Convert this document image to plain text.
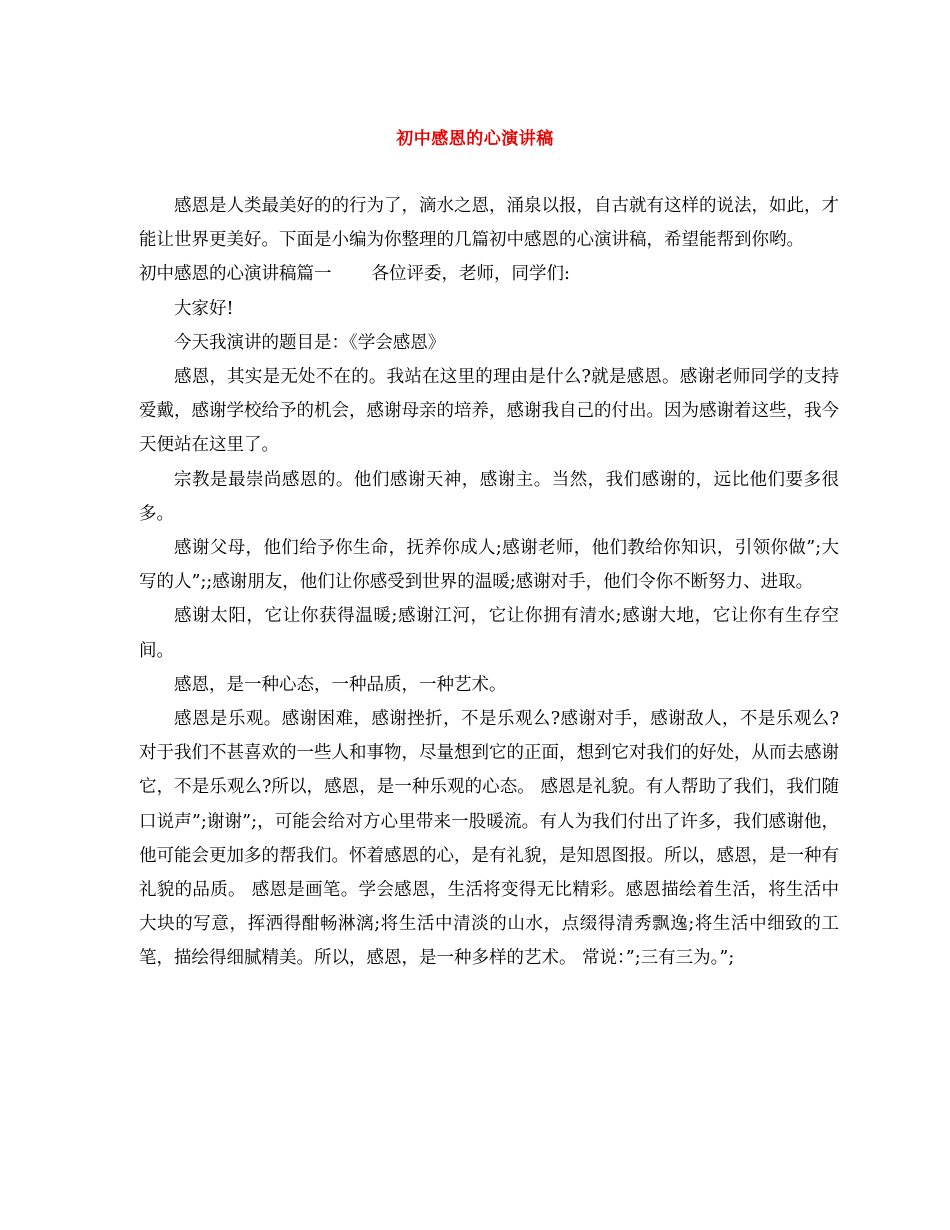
初中感恩的心演讲稿

感恩是人类最美好的的行为了，滴水之恩，涌泉以报，自古就有这样的说法，如此，才能让世界更美好。下面是小编为你整理的几篇初中感恩的心演讲稿，希望能帮到你哟。

初中感恩的心演讲稿篇一 各位评委，老师，同学们:

大家好!

今天我演讲的题目是：《学会感恩》

感恩，其实是无处不在的。我站在这里的理由是什么?就是感恩。感谢老师同学的支持爱戴，感谢学校给予的机会，感谢母亲的培养，感谢我自己的付出。因为感谢着这些，我今天便站在这里了。

宗教是最崇尚感恩的。他们感谢天神，感谢主。当然，我们感谢的，远比他们要多很多。

感谢父母，他们给予你生命，抚养你成人;感谢老师，他们教给你知识，引领你做”;大写的人”;;感谢朋友，他们让你感受到世界的温暖;感谢对手，他们令你不断努力、进取。

感谢太阳，它让你获得温暖;感谢江河，它让你拥有清水;感谢大地，它让你有生存空间。

感恩，是一种心态，一种品质，一种艺术。

感恩是乐观。感谢困难，感谢挫折，不是乐观么?感谢对手，感谢敌人，不是乐观么?对于我们不甚喜欢的一些人和事物，尽量想到它的正面，想到它对我们的好处，从而去感谢它，不是乐观么?所以，感恩，是一种乐观的心态。 感恩是礼貌。有人帮助了我们，我们随口说声”;谢谢”;，可能会给对方心里带来一股暖流。有人为我们付出了许多，我们感谢他，他可能会更加多的帮我们。怀着感恩的心，是有礼貌，是知恩图报。所以，感恩，是一种有礼貌的品质。 感恩是画笔。学会感恩，生活将变得无比精彩。感恩描绘着生活，将生活中大块的写意，挥洒得酣畅淋漓;将生活中清淡的山水，点缀得清秀飘逸;将生活中细致的工笔，描绘得细腻精美。所以，感恩，是一种多样的艺术。 常说：”;三有三为。”;
